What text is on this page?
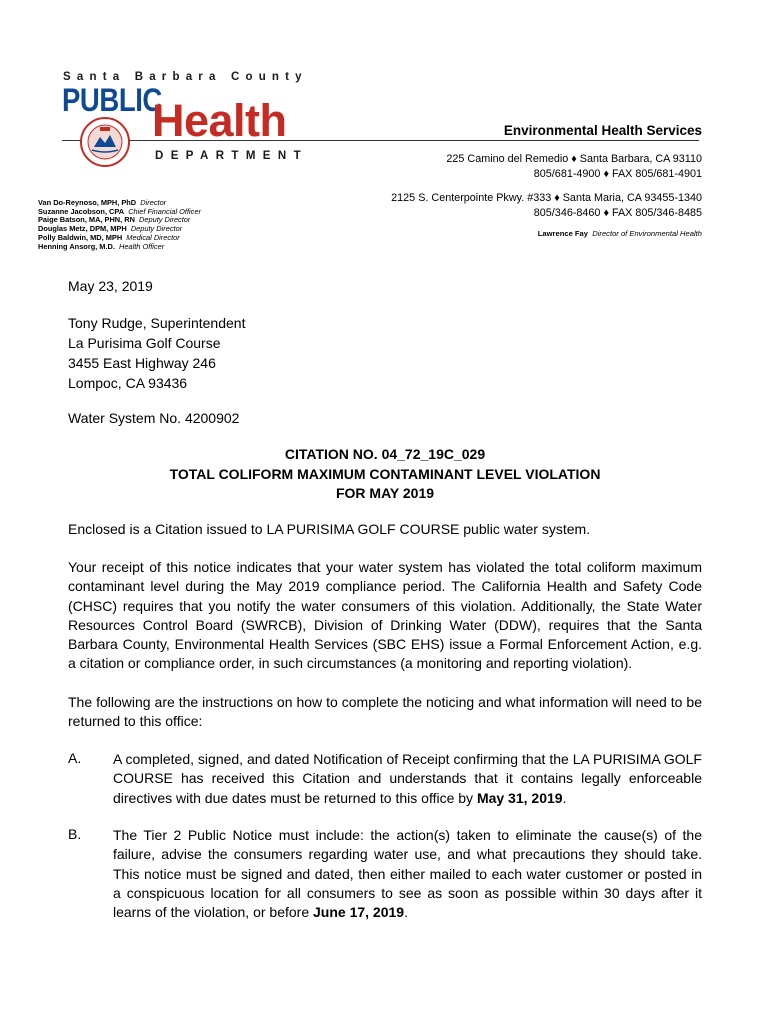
Santa Barbara County
PUBLIC
Health
DEPARTMENT
Environmental Health Services
225 Camino del Remedio ♦ Santa Barbara, CA 93110
805/681-4900 ♦ FAX 805/681-4901
2125 S. Centerpointe Pkwy. #333 ♦ Santa Maria, CA 93455-1340
805/346-8460 ♦ FAX 805/346-8485
Lawrence Fay Director of Environmental Health
Van Do-Reynoso, MPH, PhD Director
Suzanne Jacobson, CPA Chief Financial Officer
Paige Batson, MA, PHN, RN Deputy Director
Douglas Metz, DPM, MPH Deputy Director
Polly Baldwin, MD, MPH Medical Director
Henning Ansorg, M.D. Health Officer
May 23, 2019
Tony Rudge, Superintendent
La Purisima Golf Course
3455 East Highway 246
Lompoc, CA 93436
Water System No. 4200902
CITATION NO. 04_72_19C_029
TOTAL COLIFORM MAXIMUM CONTAMINANT LEVEL VIOLATION
FOR MAY 2019
Enclosed is a Citation issued to LA PURISIMA GOLF COURSE public water system.
Your receipt of this notice indicates that your water system has violated the total coliform maximum contaminant level during the May 2019 compliance period. The California Health and Safety Code (CHSC) requires that you notify the water consumers of this violation. Additionally, the State Water Resources Control Board (SWRCB), Division of Drinking Water (DDW), requires that the Santa Barbara County, Environmental Health Services (SBC EHS) issue a Formal Enforcement Action, e.g. a citation or compliance order, in such circumstances (a monitoring and reporting violation).
The following are the instructions on how to complete the noticing and what information will need to be returned to this office:
A. A completed, signed, and dated Notification of Receipt confirming that the LA PURISIMA GOLF COURSE has received this Citation and understands that it contains legally enforceable directives with due dates must be returned to this office by May 31, 2019.
B. The Tier 2 Public Notice must include: the action(s) taken to eliminate the cause(s) of the failure, advise the consumers regarding water use, and what precautions they should take. This notice must be signed and dated, then either mailed to each water customer or posted in a conspicuous location for all consumers to see as soon as possible within 30 days after it learns of the violation, or before June 17, 2019.
